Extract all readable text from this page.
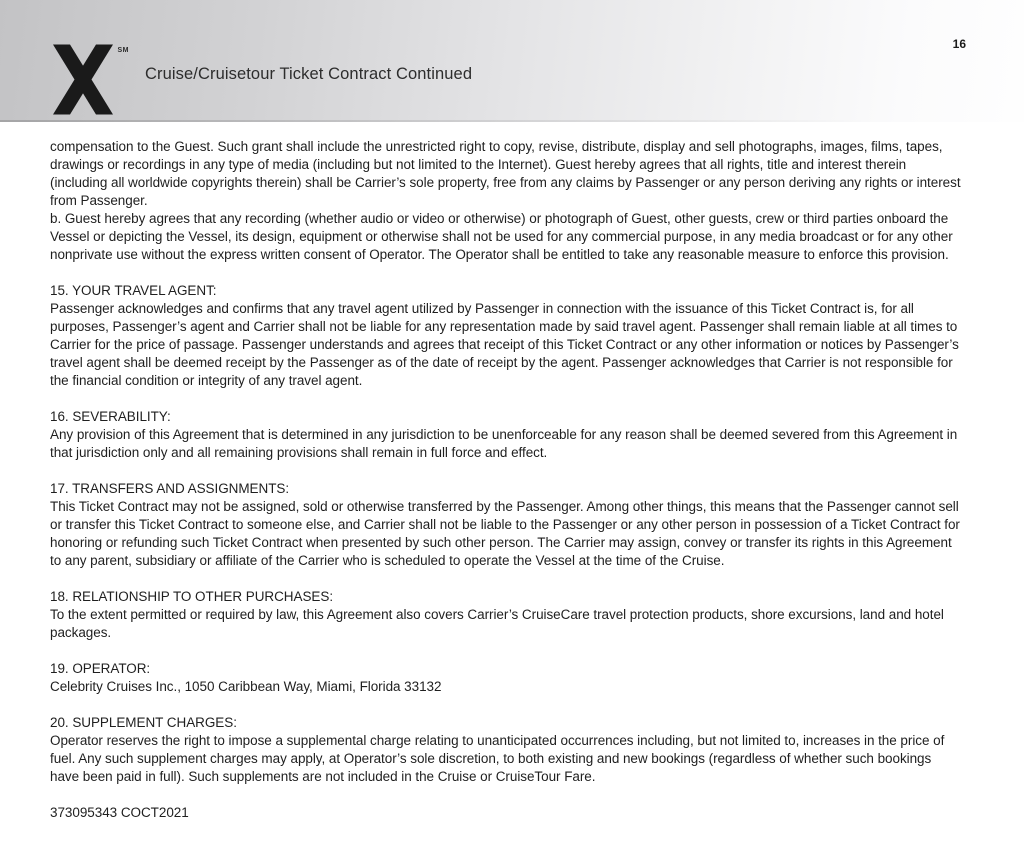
SM
Cruise/Cruisetour Ticket Contract Continued
16

compensation to the Guest. Such grant shall include the unrestricted right to copy, revise, distribute, display and sell photographs, images, films, tapes, drawings or recordings in any type of media (including but not limited to the Internet). Guest hereby agrees that all rights, title and interest therein (including all worldwide copyrights therein) shall be Carrier’s sole property, free from any claims by Passenger or any person deriving any rights or interest from Passenger.

b. Guest hereby agrees that any recording (whether audio or video or otherwise) or photograph of Guest, other guests, crew or third parties onboard the Vessel or depicting the Vessel, its design, equipment or otherwise shall not be used for any commercial purpose, in any media broadcast or for any other nonprivate use without the express written consent of Operator. The Operator shall be entitled to take any reasonable measure to enforce this provision.

15. YOUR TRAVEL AGENT:

Passenger acknowledges and confirms that any travel agent utilized by Passenger in connection with the issuance of this Ticket Contract is, for all purposes, Passenger’s agent and Carrier shall not be liable for any representation made by said travel agent. Passenger shall remain liable at all times to Carrier for the price of passage. Passenger understands and agrees that receipt of this Ticket Contract or any other information or notices by Passenger’s travel agent shall be deemed receipt by the Passenger as of the date of receipt by the agent. Passenger acknowledges that Carrier is not responsible for the financial condition or integrity of any travel agent.

16. SEVERABILITY:

Any provision of this Agreement that is determined in any jurisdiction to be unenforceable for any reason shall be deemed severed from this Agreement in that jurisdiction only and all remaining provisions shall remain in full force and effect.

17. TRANSFERS AND ASSIGNMENTS:

This Ticket Contract may not be assigned, sold or otherwise transferred by the Passenger. Among other things, this means that the Passenger cannot sell or transfer this Ticket Contract to someone else, and Carrier shall not be liable to the Passenger or any other person in possession of a Ticket Contract for honoring or refunding such Ticket Contract when presented by such other person. The Carrier may assign, convey or transfer its rights in this Agreement to any parent, subsidiary or affiliate of the Carrier who is scheduled to operate the Vessel at the time of the Cruise.

18. RELATIONSHIP TO OTHER PURCHASES:

To the extent permitted or required by law, this Agreement also covers Carrier’s CruiseCare travel protection products, shore excursions, land and hotel packages.

19. OPERATOR:

Celebrity Cruises Inc., 1050 Caribbean Way, Miami, Florida 33132

20. SUPPLEMENT CHARGES:

Operator reserves the right to impose a supplemental charge relating to unanticipated occurrences including, but not limited to, increases in the price of fuel. Any such supplement charges may apply, at Operator’s sole discretion, to both existing and new bookings (regardless of whether such bookings have been paid in full). Such supplements are not included in the Cruise or CruiseTour Fare.

373095343 COCT2021
